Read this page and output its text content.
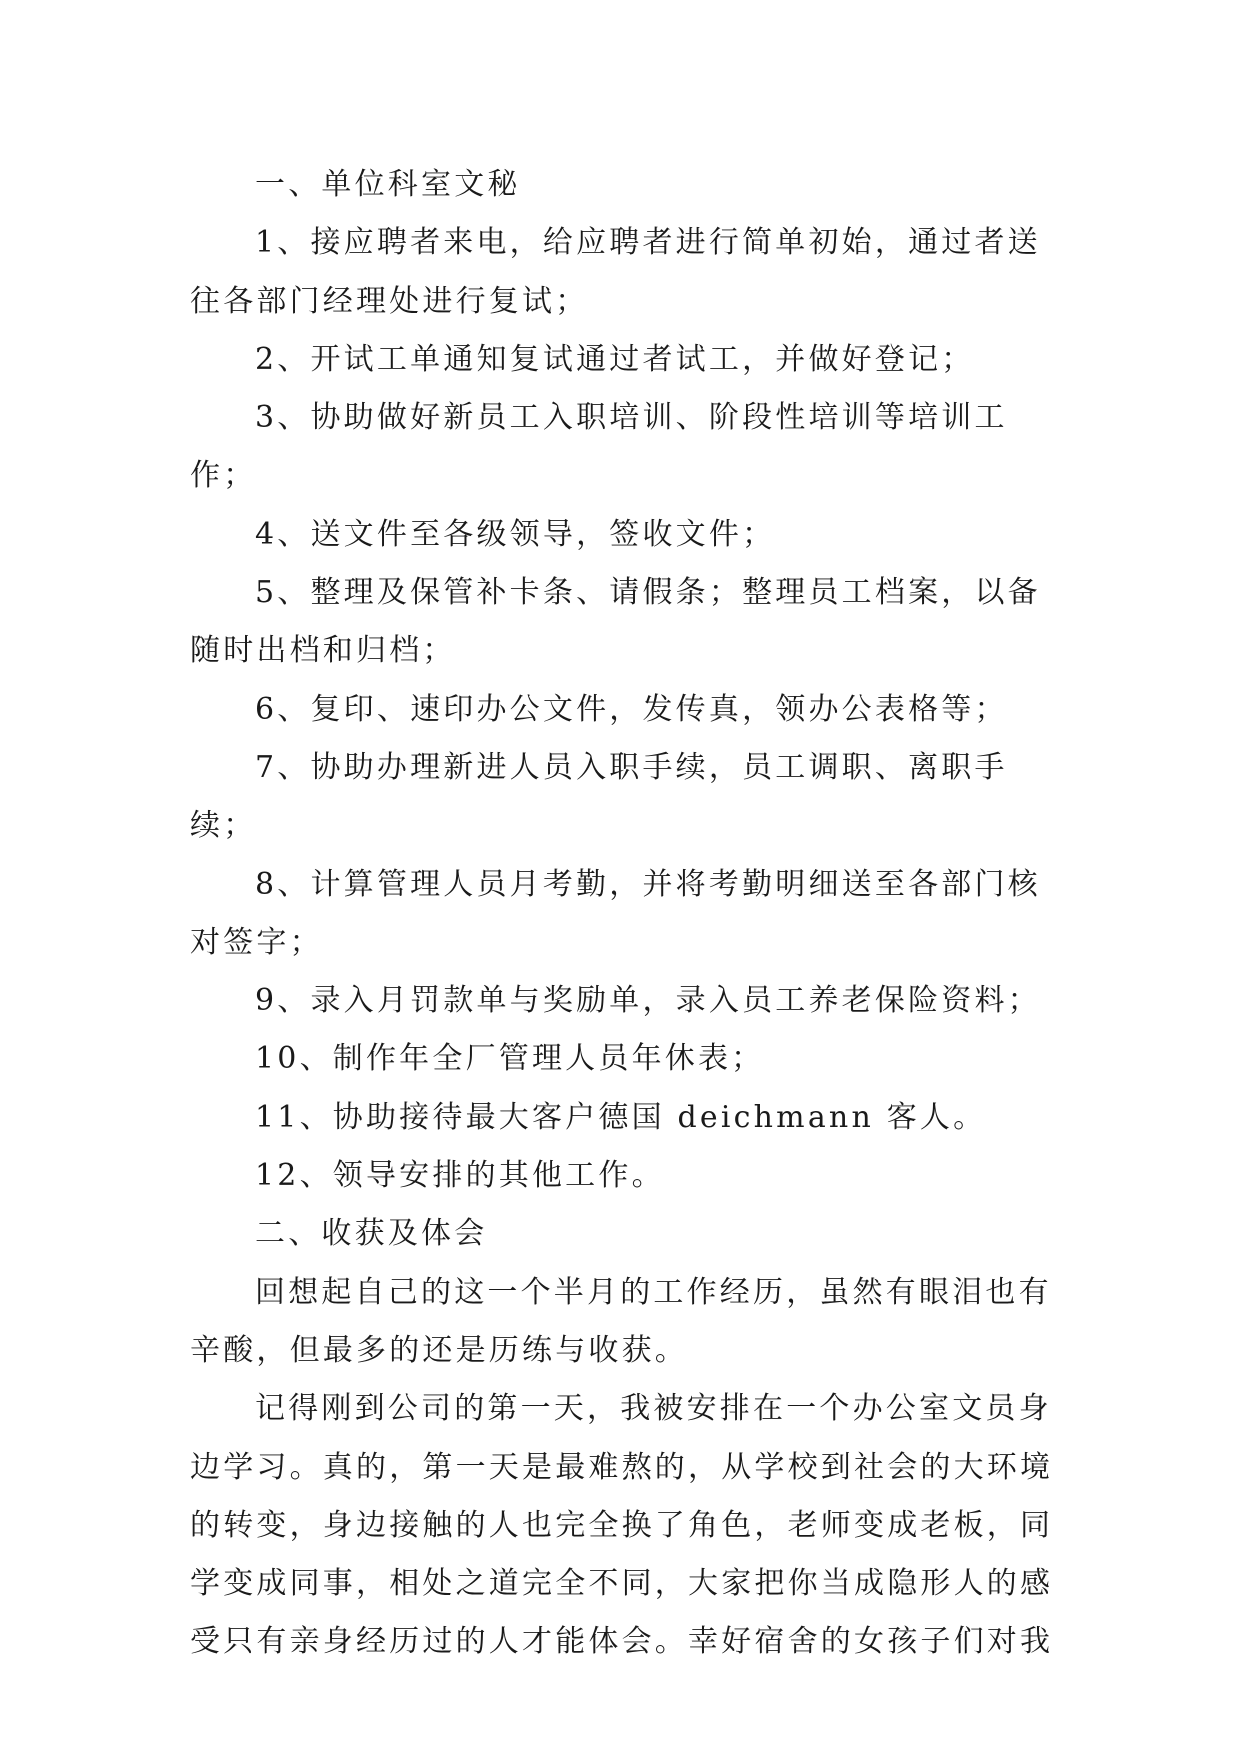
一、单位科室文秘

1、接应聘者来电，给应聘者进行简单初始，通过者送往各部门经理处进行复试；

2、开试工单通知复试通过者试工，并做好登记；

3、协助做好新员工入职培训、阶段性培训等培训工作；

4、送文件至各级领导，签收文件；

5、整理及保管补卡条、请假条；整理员工档案，以备随时出档和归档；

6、复印、速印办公文件，发传真，领办公表格等；

7、协助办理新进人员入职手续，员工调职、离职手续；

8、计算管理人员月考勤，并将考勤明细送至各部门核对签字；

9、录入月罚款单与奖励单，录入员工养老保险资料；

10、制作年全厂管理人员年休表；

11、协助接待最大客户德国 deichmann 客人。

12、领导安排的其他工作。

二、收获及体会

回想起自己的这一个半月的工作经历，虽然有眼泪也有辛酸，但最多的还是历练与收获。

记得刚到公司的第一天，我被安排在一个办公室文员身边学习。真的，第一天是最难熬的，从学校到社会的大环境的转变，身边接触的人也完全换了角色，老师变成老板，同学变成同事，相处之道完全不同，大家把你当成隐形人的感受只有亲身经历过的人才能体会。幸好宿舍的女孩子们对我
